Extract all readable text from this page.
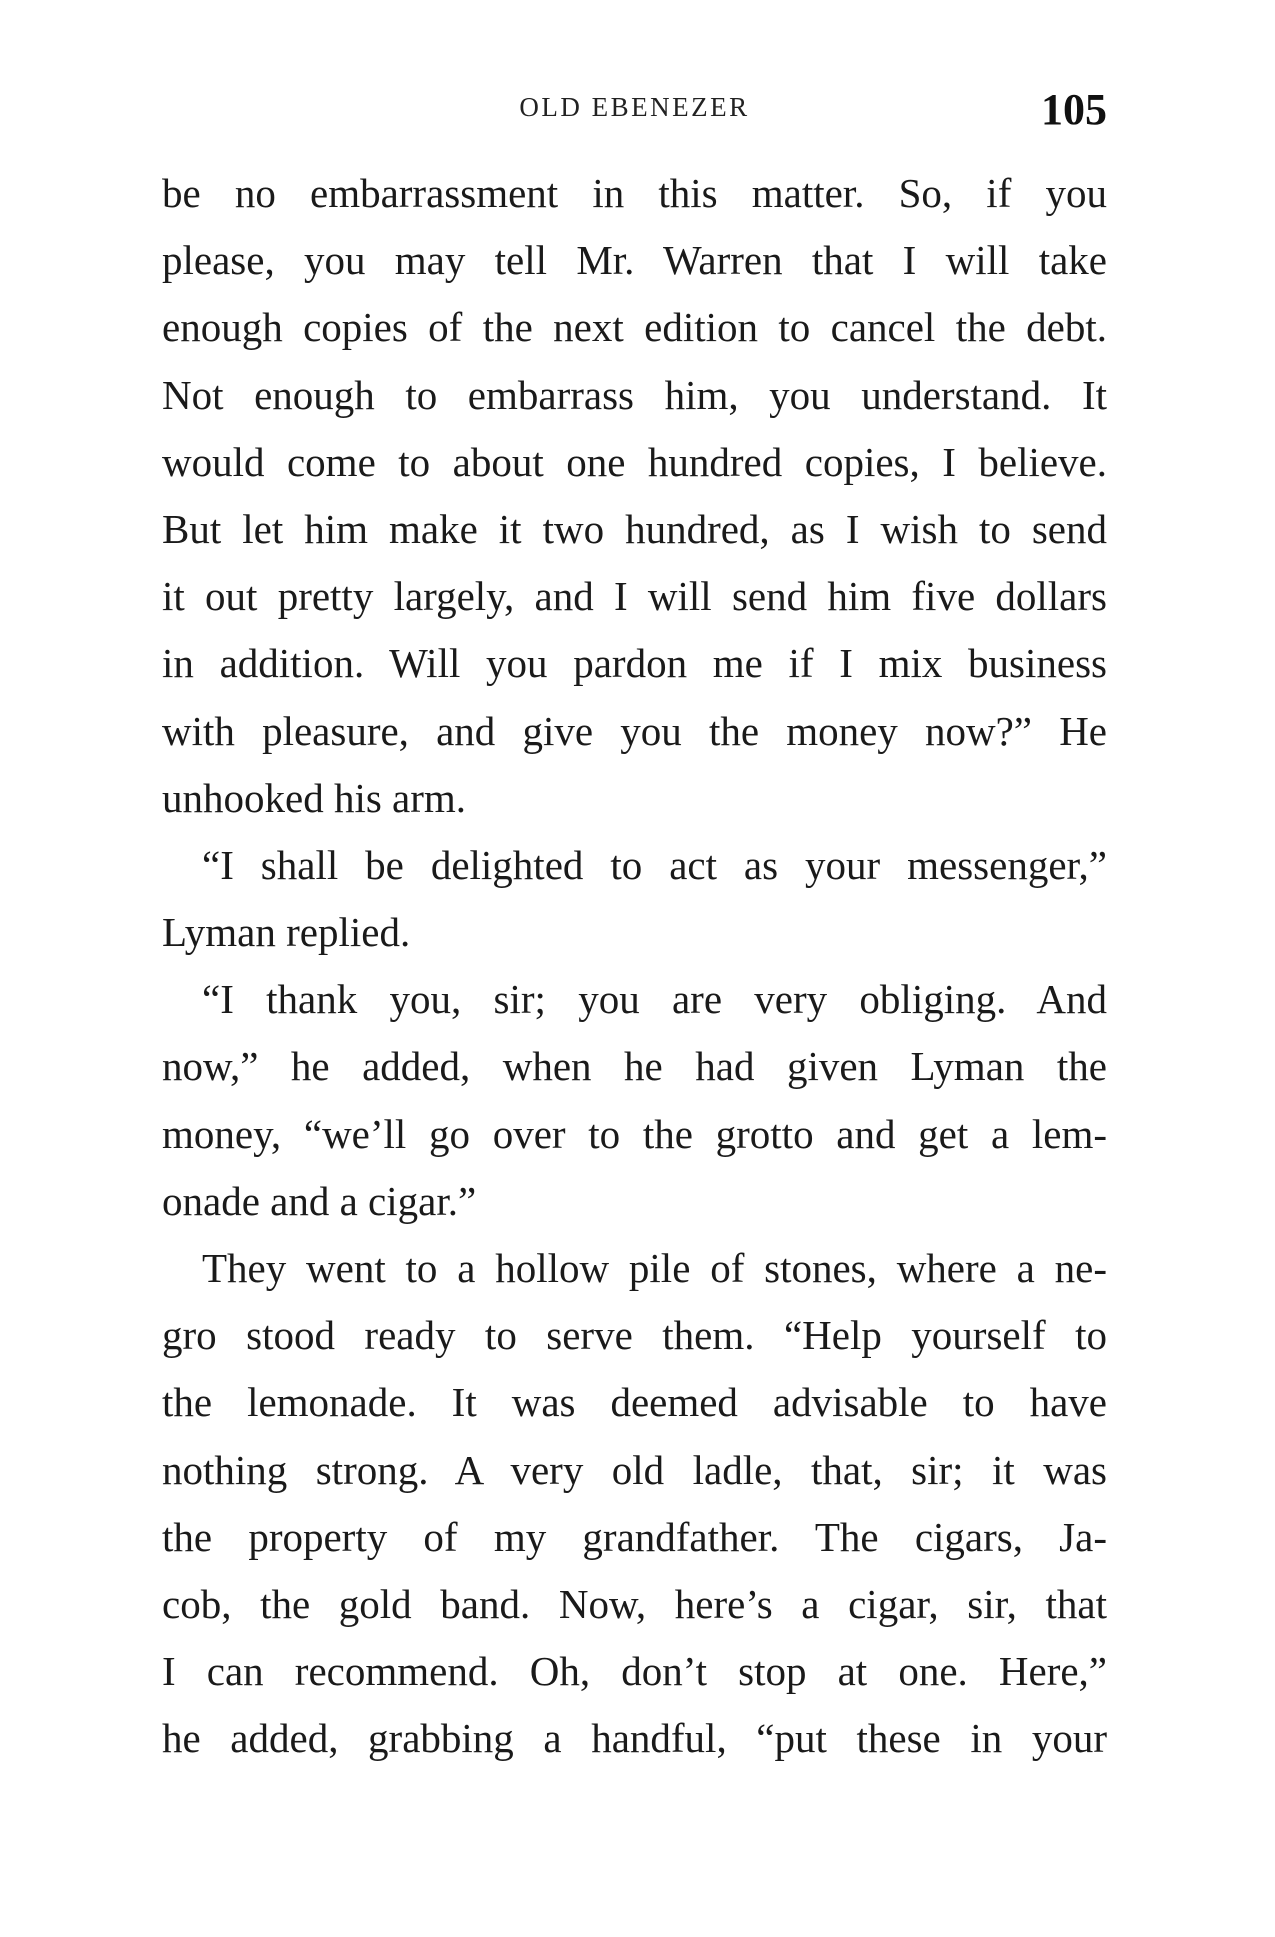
OLD EBENEZER	105
be no embarrassment in this matter. So, if you
please, you may tell Mr. Warren that I will take
enough copies of the next edition to cancel the debt.
Not enough to embarrass him, you understand. It
would come to about one hundred copies, I believe.
But let him make it two hundred, as I wish to send
it out pretty largely, and I will send him five dollars
in addition. Will you pardon me if I mix business
with pleasure, and give you the money now?” He
unhooked his arm.
“I shall be delighted to act as your messenger,”
Lyman replied.
“I thank you, sir; you are very obliging. And
now,” he added, when he had given Lyman the
money, “we’ll go over to the grotto and get a lem-
onade and a cigar.”
They went to a hollow pile of stones, where a ne-
gro stood ready to serve them. “Help yourself to
the lemonade. It was deemed advisable to have
nothing strong. A very old ladle, that, sir; it was
the property of my grandfather. The cigars, Ja-
cob, the gold band. Now, here’s a cigar, sir, that
I can recommend. Oh, don’t stop at one. Here,”
he added, grabbing a handful, “put these in your
